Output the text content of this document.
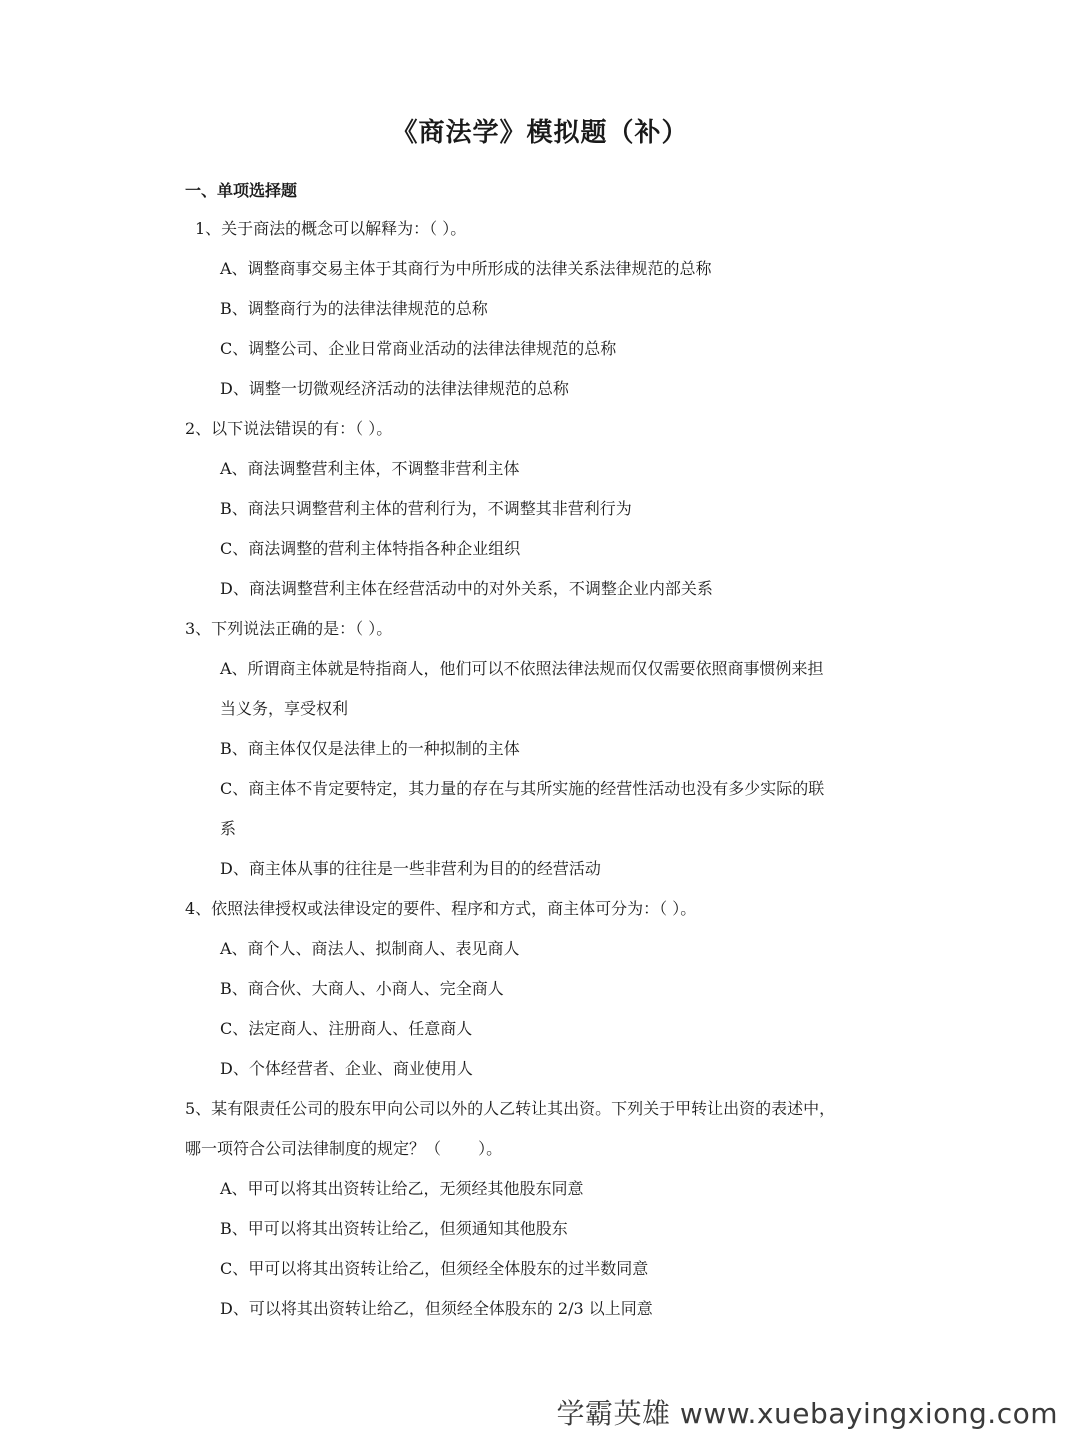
《商法学》模拟题（补）
一、单项选择题
1、关于商法的概念可以解释为：（ ）。
A、调整商事交易主体于其商行为中所形成的法律关系法律规范的总称
B、调整商行为的法律法律规范的总称
C、调整公司、企业日常商业活动的法律法律规范的总称
D、调整一切微观经济活动的法律法律规范的总称
2、以下说法错误的有：（ ）。
A、商法调整营利主体，不调整非营利主体
B、商法只调整营利主体的营利行为，不调整其非营利行为
C、商法调整的营利主体特指各种企业组织
D、商法调整营利主体在经营活动中的对外关系，不调整企业内部关系
3、下列说法正确的是：（ ）。
A、所谓商主体就是特指商人，他们可以不依照法律法规而仅仅需要依照商事惯例来担
当义务，享受权利
B、商主体仅仅是法律上的一种拟制的主体
C、商主体不肯定要特定，其力量的存在与其所实施的经营性活动也没有多少实际的联
系
D、商主体从事的往往是一些非营利为目的的经营活动
4、依照法律授权或法律设定的要件、程序和方式，商主体可分为：（ ）。
A、商个人、商法人、拟制商人、表见商人
B、商合伙、大商人、小商人、完全商人
C、法定商人、注册商人、任意商人
D、个体经营者、企业、商业使用人
5、某有限责任公司的股东甲向公司以外的人乙转让其出资。下列关于甲转让出资的表述中，
哪一项符合公司法律制度的规定？（　　 ）。
A、甲可以将其出资转让给乙，无须经其他股东同意
B、甲可以将其出资转让给乙，但须通知其他股东
C、甲可以将其出资转让给乙，但须经全体股东的过半数同意
D、可以将其出资转让给乙，但须经全体股东的 2/3 以上同意
学霸英雄 www.xuebayingxiong.com
